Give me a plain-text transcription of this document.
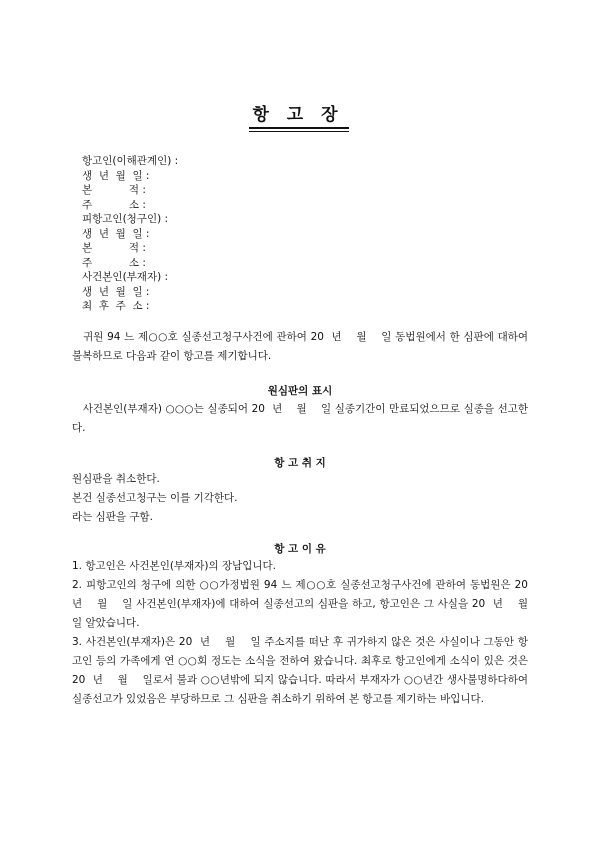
항 고 장
항고인(이해관계인) :
생  년  월  일 :
본           적 :
주           소 :
피항고인(청구인) :
생  년  월  일 :
본           적 :
주           소 :
사건본인(부재자) :
생  년  월  일 :
최  후  주  소 :
귀원 94 느 제○○호 실종선고청구사건에 관하여 20  년    월    일 동법원에서 한 심판에 대하여 불복하므로 다음과 같이 항고를 제기합니다.
원심판의 표시
사건본인(부재자) ○○○는 실종되어 20  년    월    일 실종기간이 만료되었으므로 실종을 선고한다.
항 고 취 지
원심판을 취소한다.
본건 실종선고청구는 이를 기각한다.
라는 심판을 구함.
항 고 이 유
1. 항고인은 사건본인(부재자)의 장남입니다.
2. 피항고인의 청구에 의한 ○○가정법원 94 느 제○○호 실종선고청구사건에 관하여 동법원은 20  년    월    일 사건본인(부재자)에 대하여 실종선고의 심판을 하고, 항고인은 그 사실을 20  년    월    일 알았습니다.
3. 사건본인(부재자)은 20  년    월    일 주소지를 떠난 후 귀가하지 않은 것은 사실이나 그동안 항고인 등의 가족에게 연 ○○회 정도는 소식을 전하여 왔습니다. 최후로 항고인에게 소식이 있은 것은 20  년    월    일로서 불과 ○○년밖에 되지 않습니다. 따라서 부재자가 ○○년간 생사불명하다하여 실종선고가 있었음은 부당하므로 그 심판을 취소하기 위하여 본 항고를 제기하는 바입니다.
